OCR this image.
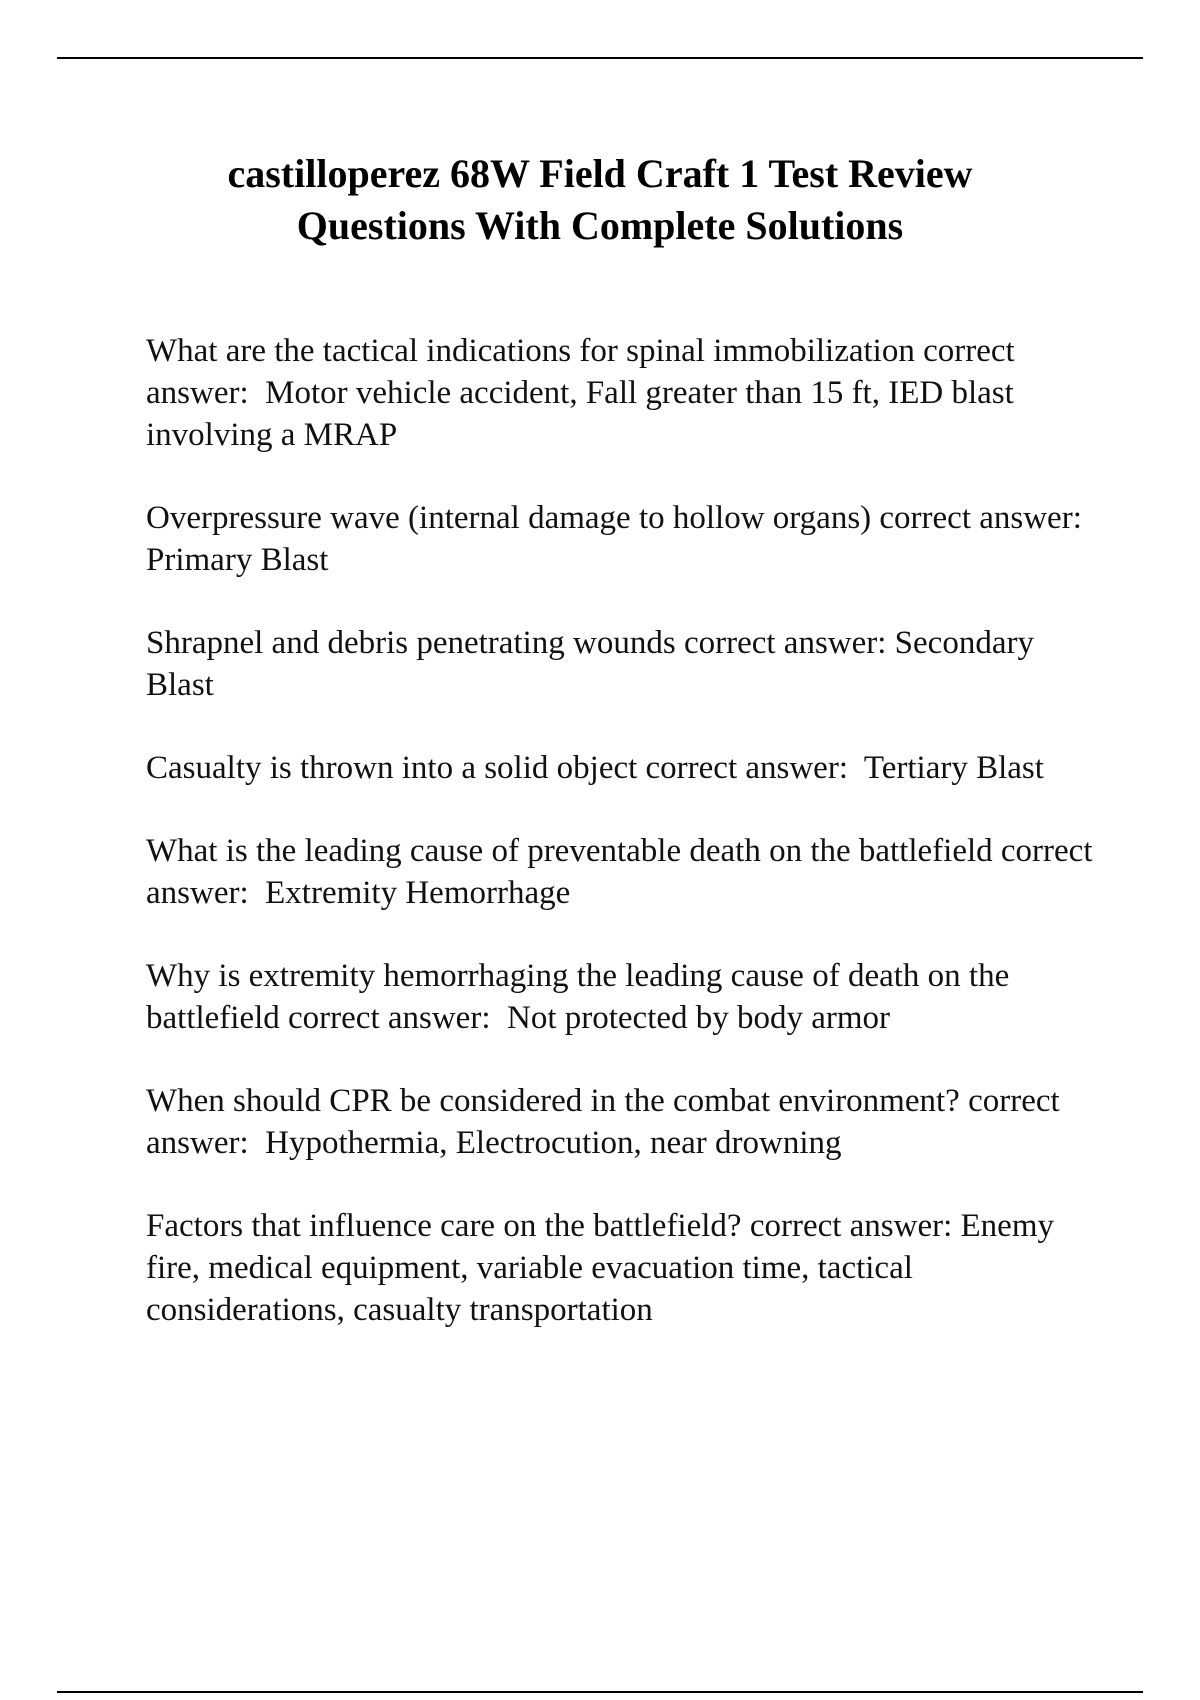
castilloperez 68W Field Craft 1 Test Review
Questions With Complete Solutions

What are the tactical indications for spinal immobilization correct answer:  Motor vehicle accident, Fall greater than 15 ft, IED blast involving a MRAP

Overpressure wave (internal damage to hollow organs) correct answer:  Primary Blast

Shrapnel and debris penetrating wounds correct answer: Secondary Blast

Casualty is thrown into a solid object correct answer:  Tertiary Blast

What is the leading cause of preventable death on the battlefield correct answer:  Extremity Hemorrhage

Why is extremity hemorrhaging the leading cause of death on the battlefield correct answer:  Not protected by body armor

When should CPR be considered in the combat environment? correct answer:  Hypothermia, Electrocution, near drowning

Factors that influence care on the battlefield? correct answer: Enemy fire, medical equipment, variable evacuation time, tactical considerations, casualty transportation
